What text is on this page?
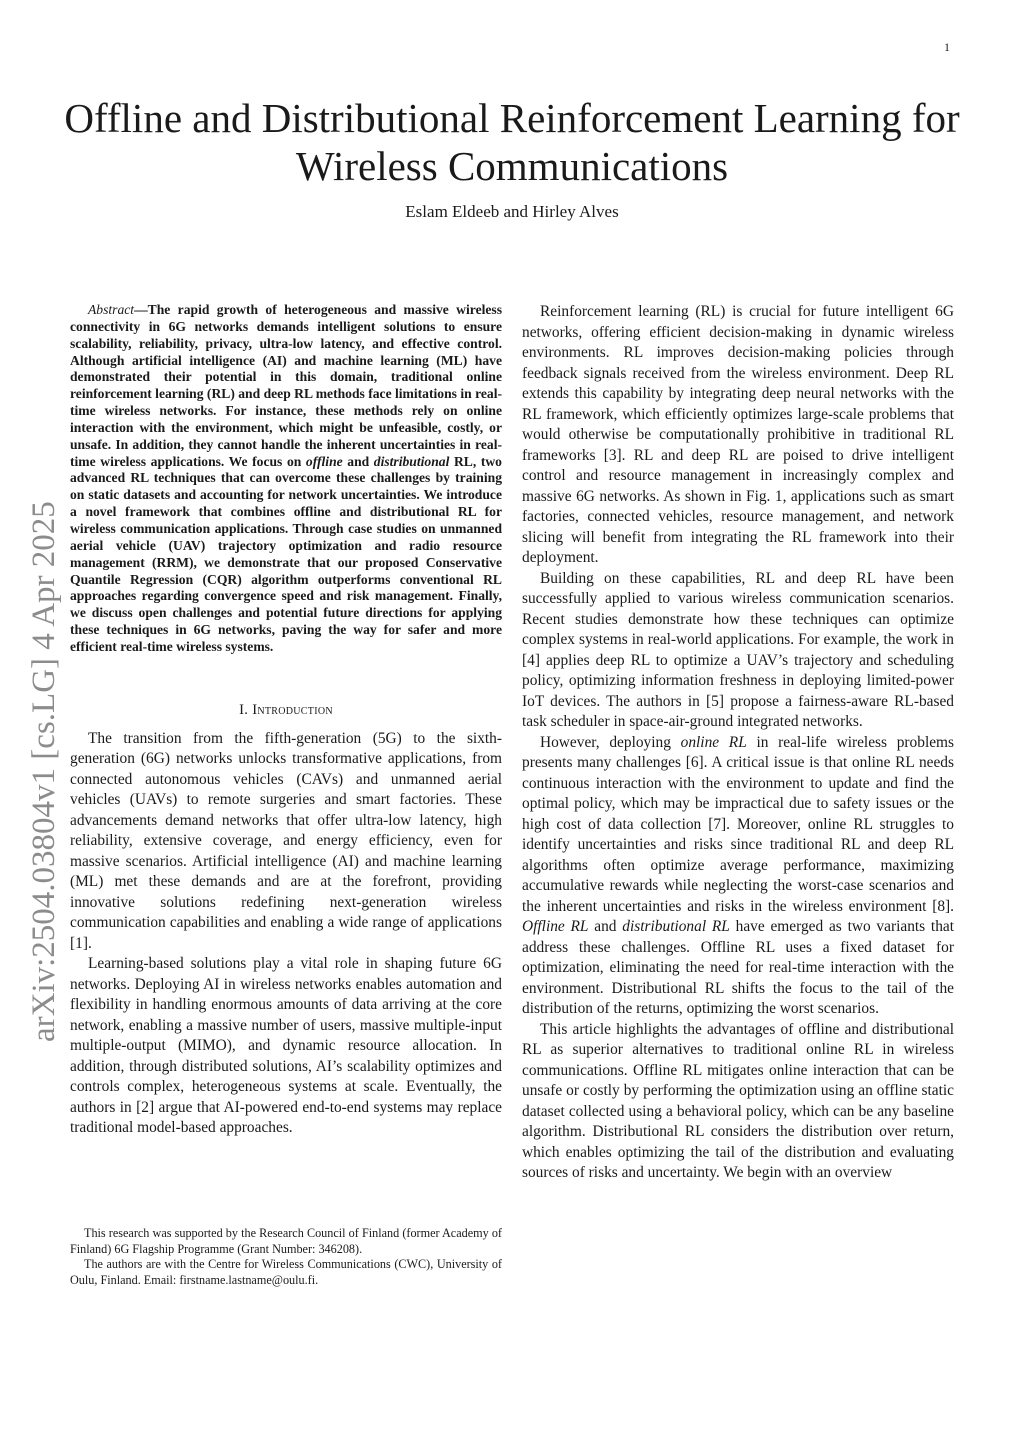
1
Offline and Distributional Reinforcement Learning for Wireless Communications
Eslam Eldeeb and Hirley Alves
arXiv:2504.03804v1 [cs.LG] 4 Apr 2025

Abstract—The rapid growth of heterogeneous and massive wireless connectivity in 6G networks demands intelligent solutions to ensure scalability, reliability, privacy, ultra-low latency, and effective control. Although artificial intelligence (AI) and machine learning (ML) have demonstrated their potential in this domain, traditional online reinforcement learning (RL) and deep RL methods face limitations in real-time wireless networks. For instance, these methods rely on online interaction with the environment, which might be unfeasible, costly, or unsafe. In addition, they cannot handle the inherent uncertainties in real-time wireless applications. We focus on offline and distributional RL, two advanced RL techniques that can overcome these challenges by training on static datasets and accounting for network uncertainties. We introduce a novel framework that combines offline and distributional RL for wireless communication applications. Through case studies on unmanned aerial vehicle (UAV) trajectory optimization and radio resource management (RRM), we demonstrate that our proposed Conservative Quantile Regression (CQR) algorithm outperforms conventional RL approaches regarding convergence speed and risk management. Finally, we discuss open challenges and potential future directions for applying these techniques in 6G networks, paving the way for safer and more efficient real-time wireless systems.

I. Introduction

The transition from the fifth-generation (5G) to the sixth-generation (6G) networks unlocks transformative applications, from connected autonomous vehicles (CAVs) and unmanned aerial vehicles (UAVs) to remote surgeries and smart factories. These advancements demand networks that offer ultra-low latency, high reliability, extensive coverage, and energy efficiency, even for massive scenarios. Artificial intelligence (AI) and machine learning (ML) met these demands and are at the forefront, providing innovative solutions redefining next-generation wireless communication capabilities and enabling a wide range of applications [1].

Learning-based solutions play a vital role in shaping future 6G networks. Deploying AI in wireless networks enables automation and flexibility in handling enormous amounts of data arriving at the core network, enabling a massive number of users, massive multiple-input multiple-output (MIMO), and dynamic resource allocation. In addition, through distributed solutions, AI’s scalability optimizes and controls complex, heterogeneous systems at scale. Eventually, the authors in [2] argue that AI-powered end-to-end systems may replace traditional model-based approaches.

This research was supported by the Research Council of Finland (former Academy of Finland) 6G Flagship Programme (Grant Number: 346208).

The authors are with the Centre for Wireless Communications (CWC), University of Oulu, Finland. Email: firstname.lastname@oulu.fi.

Reinforcement learning (RL) is crucial for future intelligent 6G networks, offering efficient decision-making in dynamic wireless environments. RL improves decision-making policies through feedback signals received from the wireless environment. Deep RL extends this capability by integrating deep neural networks with the RL framework, which efficiently optimizes large-scale problems that would otherwise be computationally prohibitive in traditional RL frameworks [3]. RL and deep RL are poised to drive intelligent control and resource management in increasingly complex and massive 6G networks. As shown in Fig. 1, applications such as smart factories, connected vehicles, resource management, and network slicing will benefit from integrating the RL framework into their deployment.

Building on these capabilities, RL and deep RL have been successfully applied to various wireless communication scenarios. Recent studies demonstrate how these techniques can optimize complex systems in real-world applications. For example, the work in [4] applies deep RL to optimize a UAV’s trajectory and scheduling policy, optimizing information freshness in deploying limited-power IoT devices. The authors in [5] propose a fairness-aware RL-based task scheduler in space-air-ground integrated networks.

However, deploying online RL in real-life wireless problems presents many challenges [6]. A critical issue is that online RL needs continuous interaction with the environment to update and find the optimal policy, which may be impractical due to safety issues or the high cost of data collection [7]. Moreover, online RL struggles to identify uncertainties and risks since traditional RL and deep RL algorithms often optimize average performance, maximizing accumulative rewards while neglecting the worst-case scenarios and the inherent uncertainties and risks in the wireless environment [8]. Offline RL and distributional RL have emerged as two variants that address these challenges. Offline RL uses a fixed dataset for optimization, eliminating the need for real-time interaction with the environment. Distributional RL shifts the focus to the tail of the distribution of the returns, optimizing the worst scenarios.

This article highlights the advantages of offline and distributional RL as superior alternatives to traditional online RL in wireless communications. Offline RL mitigates online interaction that can be unsafe or costly by performing the optimization using an offline static dataset collected using a behavioral policy, which can be any baseline algorithm. Distributional RL considers the distribution over return, which enables optimizing the tail of the distribution and evaluating sources of risks and uncertainty. We begin with an overview
